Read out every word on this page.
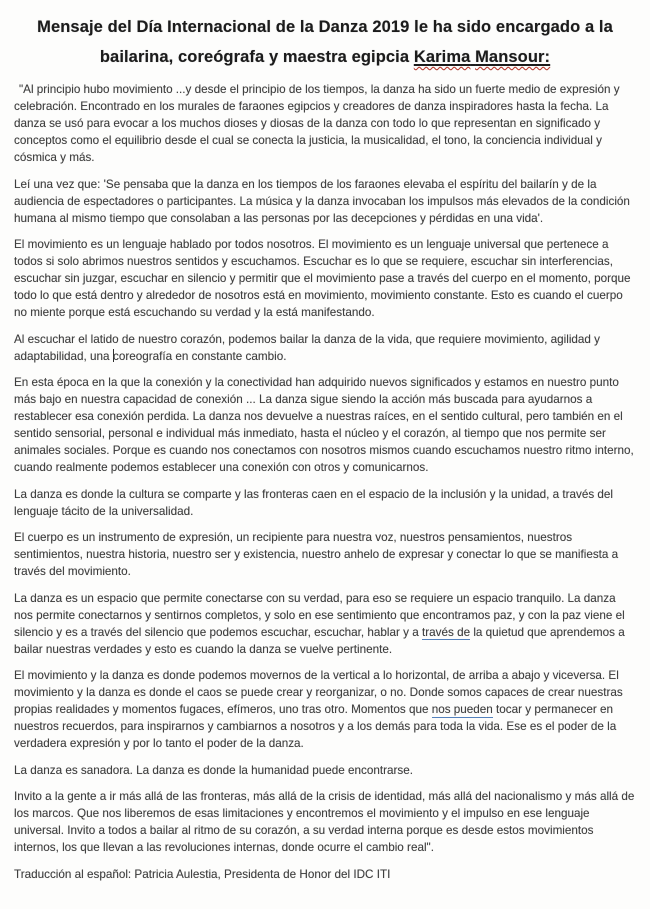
Mensaje del Día Internacional de la Danza 2019 le ha sido encargado a la
bailarina, coreógrafa y maestra egipcia Karima Mansour:

"Al principio hubo movimiento ...y desde el principio de los tiempos, la danza ha sido un fuerte medio de expresión y celebración. Encontrado en los murales de faraones egipcios y creadores de danza inspiradores hasta la fecha. La danza se usó para evocar a los muchos dioses y diosas de la danza con todo lo que representan en significado y conceptos como el equilibrio desde el cual se conecta la justicia, la musicalidad, el tono, la conciencia individual y cósmica y más.

Leí una vez que: 'Se pensaba que la danza en los tiempos de los faraones elevaba el espíritu del bailarín y de la audiencia de espectadores o participantes. La música y la danza invocaban los impulsos más elevados de la condición humana al mismo tiempo que consolaban a las personas por las decepciones y pérdidas en una vida'.

El movimiento es un lenguaje hablado por todos nosotros. El movimiento es un lenguaje universal que pertenece a todos si solo abrimos nuestros sentidos y escuchamos. Escuchar es lo que se requiere, escuchar sin interferencias, escuchar sin juzgar, escuchar en silencio y permitir que el movimiento pase a través del cuerpo en el momento, porque todo lo que está dentro y alrededor de nosotros está en movimiento, movimiento constante. Esto es cuando el cuerpo no miente porque está escuchando su verdad y la está manifestando.

Al escuchar el latido de nuestro corazón, podemos bailar la danza de la vida, que requiere movimiento, agilidad y adaptabilidad, una coreografía en constante cambio.

En esta época en la que la conexión y la conectividad han adquirido nuevos significados y estamos en nuestro punto más bajo en nuestra capacidad de conexión ... La danza sigue siendo la acción más buscada para ayudarnos a restablecer esa conexión perdida. La danza nos devuelve a nuestras raíces, en el sentido cultural, pero también en el sentido sensorial, personal e individual más inmediato, hasta el núcleo y el corazón, al tiempo que nos permite ser animales sociales. Porque es cuando nos conectamos con nosotros mismos cuando escuchamos nuestro ritmo interno, cuando realmente podemos establecer una conexión con otros y comunicarnos.

La danza es donde la cultura se comparte y las fronteras caen en el espacio de la inclusión y la unidad, a través del lenguaje tácito de la universalidad.

El cuerpo es un instrumento de expresión, un recipiente para nuestra voz, nuestros pensamientos, nuestros sentimientos, nuestra historia, nuestro ser y existencia, nuestro anhelo de expresar y conectar lo que se manifiesta a través del movimiento.

La danza es un espacio que permite conectarse con su verdad, para eso se requiere un espacio tranquilo. La danza nos permite conectarnos y sentirnos completos, y solo en ese sentimiento que encontramos paz, y con la paz viene el silencio y es a través del silencio que podemos escuchar, escuchar, hablar y a través de la quietud que aprendemos a bailar nuestras verdades y esto es cuando la danza se vuelve pertinente.

El movimiento y la danza es donde podemos movernos de la vertical a lo horizontal, de arriba a abajo y viceversa. El movimiento y la danza es donde el caos se puede crear y reorganizar, o no. Donde somos capaces de crear nuestras propias realidades y momentos fugaces, efímeros, uno tras otro. Momentos que nos pueden tocar y permanecer en nuestros recuerdos, para inspirarnos y cambiarnos a nosotros y a los demás para toda la vida. Ese es el poder de la verdadera expresión y por lo tanto el poder de la danza.

La danza es sanadora. La danza es donde la humanidad puede encontrarse.

Invito a la gente a ir más allá de las fronteras, más allá de la crisis de identidad, más allá del nacionalismo y más allá de los marcos. Que nos liberemos de esas limitaciones y encontremos el movimiento y el impulso en ese lenguaje universal. Invito a todos a bailar al ritmo de su corazón, a su verdad interna porque es desde estos movimientos internos, los que llevan a las revoluciones internas, donde ocurre el cambio real".

Traducción al español: Patricia Aulestia, Presidenta de Honor del IDC ITI
